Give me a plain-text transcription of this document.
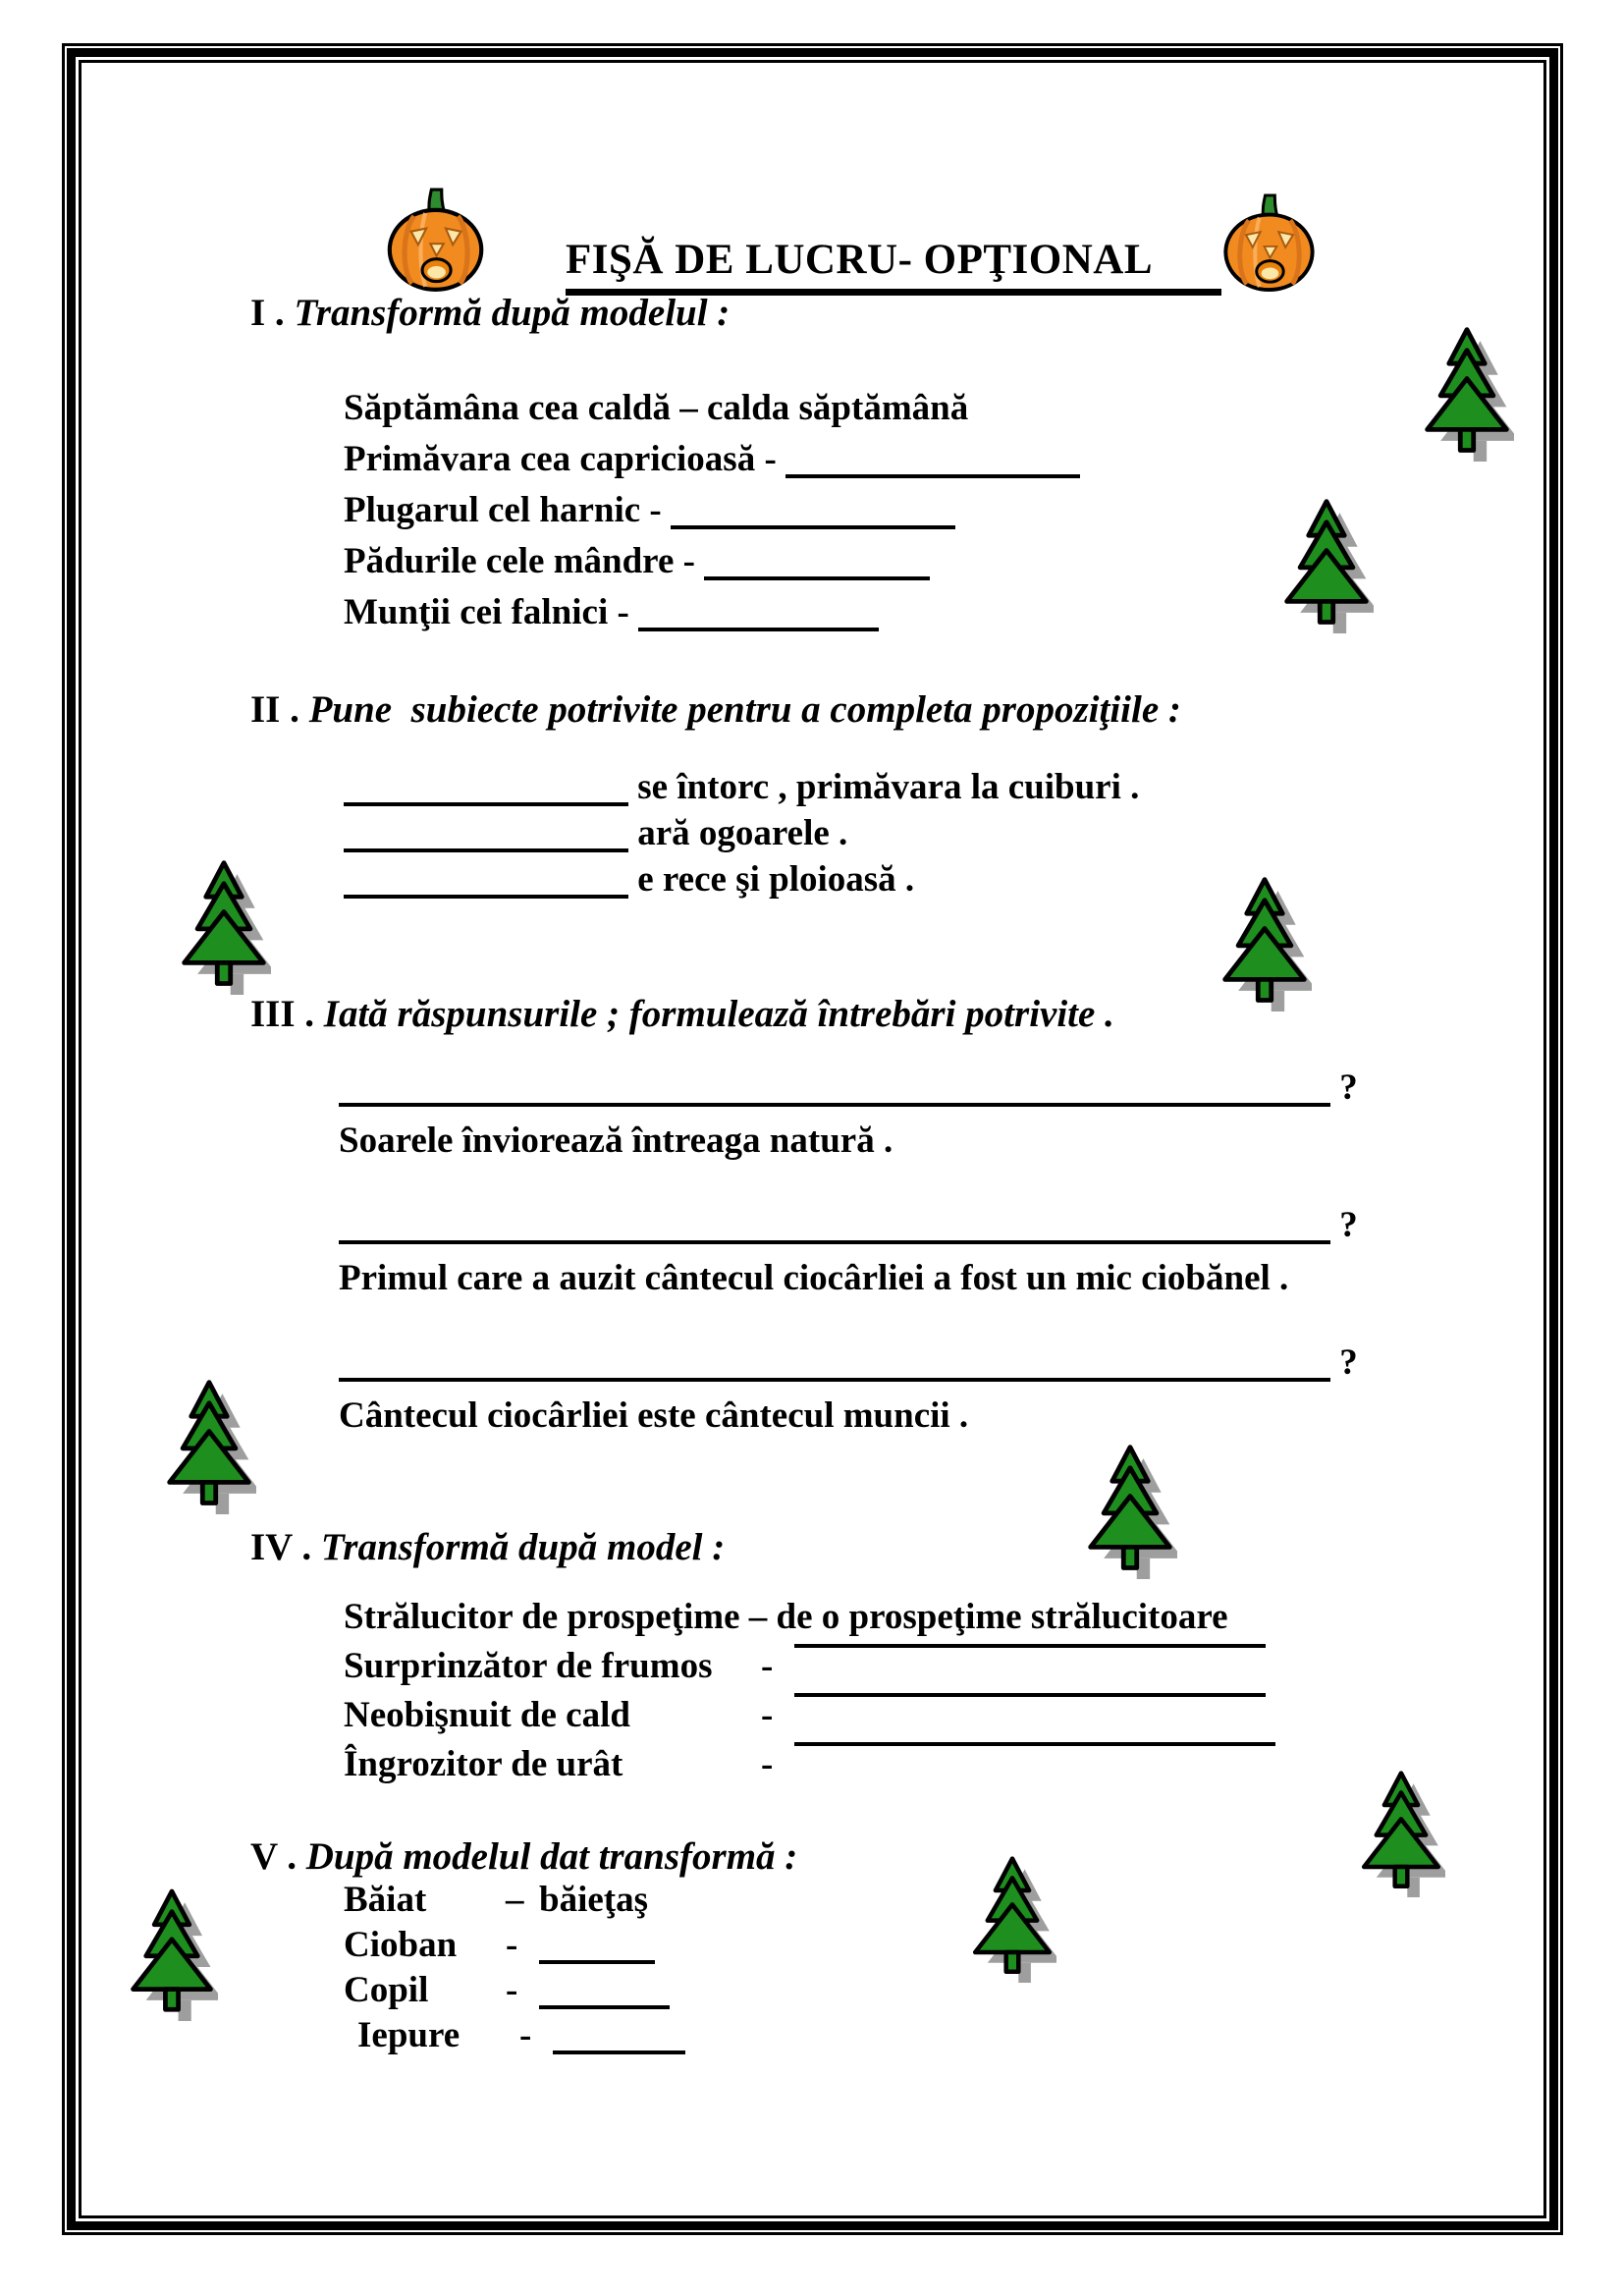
FIŞĂ DE LUCRU- OPŢIONAL
I . Transformă după modelul :
Săptămâna cea caldă – calda săptămână
Primăvara cea capricioasă -
Plugarul cel harnic -
Pădurile cele mândre -
Munţii cei falnici -
II . Pune  subiecte potrivite pentru a completa propoziţiile :
se întorc , primăvara la cuiburi .
ară ogoarele .
e rece şi ploioasă .
III . Iată răspunsurile ; formulează întrebări potrivite .
?
Soarele înviorează întreaga natură .
?
Primul care a auzit cântecul ciocârliei a fost un mic ciobănel .
?
Cântecul ciocârliei este cântecul muncii .
IV . Transformă după model :
Strălucitor de prospeţime – de o prospeţime strălucitoare
Surprinzător de frumos	-
Neobişnuit de cald	-
Îngrozitor de urât	-
V . După modelul dat transformă :
Băiat – băieţaş
Cioban -
Copil -
Iepure -
